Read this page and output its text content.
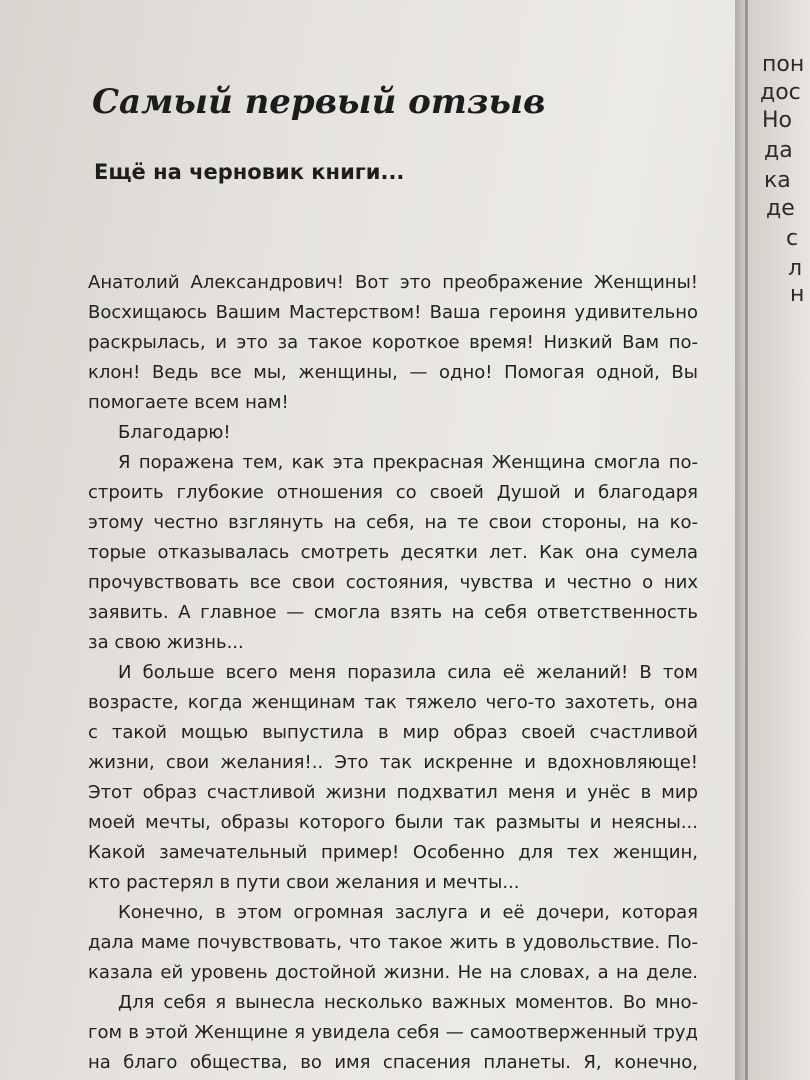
Самый первый отзыв
Ещё на черновик книги...
Анатолий Александрович! Вот это преображение Женщины!
Восхищаюсь Вашим Мастерством! Ваша героиня удивительно
раскрылась, и это за такое короткое время! Низкий Вам по-
клон! Ведь все мы, женщины, — одно! Помогая одной, Вы
помогаете всем нам!
Благодарю!
Я поражена тем, как эта прекрасная Женщина смогла по-
строить глубокие отношения со своей Душой и благодаря
этому честно взглянуть на себя, на те свои стороны, на ко-
торые отказывалась смотреть десятки лет. Как она сумела
прочувствовать все свои состояния, чувства и честно о них
заявить. А главное — смогла взять на себя ответственность
за свою жизнь...
И больше всего меня поразила сила её желаний! В том
возрасте, когда женщинам так тяжело чего-то захотеть, она
с такой мощью выпустила в мир образ своей счастливой
жизни, свои желания!.. Это так искренне и вдохновляюще!
Этот образ счастливой жизни подхватил меня и унёс в мир
моей мечты, образы которого были так размыты и неясны...
Какой замечательный пример! Особенно для тех женщин,
кто растерял в пути свои желания и мечты...
Конечно, в этом огромная заслуга и её дочери, которая
дала маме почувствовать, что такое жить в удовольствие. По-
казала ей уровень достойной жизни. Не на словах, а на деле.
Для себя я вынесла несколько важных моментов. Во мно-
гом в этой Женщине я увидела себя — самоотверженный труд
на благо общества, во имя спасения планеты. Я, конечно,
пон
дос
Но
да
ка
де
с
л
н
